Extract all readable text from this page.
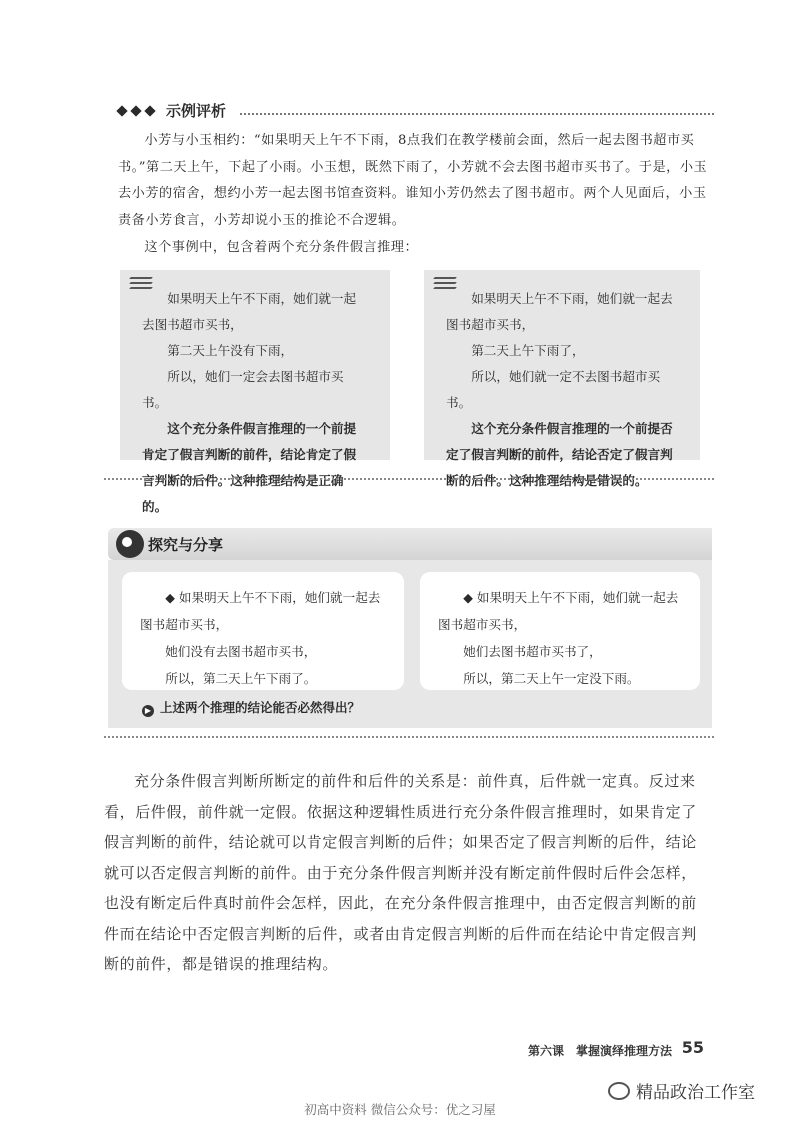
示例评析
小芳与小玉相约：“如果明天上午不下雨，8点我们在教学楼前会面，然后一起去图书超市买书。”第二天上午，下起了小雨。小玉想，既然下雨了，小芳就不会去图书超市买书了。于是，小玉去小芳的宿舍，想约小芳一起去图书馆查资料。谁知小芳仍然去了图书超市。两个人见面后，小玉责备小芳食言，小芳却说小玉的推论不合逻辑。
这个事例中，包含着两个充分条件假言推理：

如果明天上午不下雨，她们就一起去图书超市买书，

第二天上午没有下雨，

所以，她们一定会去图书超市买书。

这个充分条件假言推理的一个前提肯定了假言判断的前件，结论肯定了假言判断的后件。这种推理结构是正确的。

如果明天上午不下雨，她们就一起去图书超市买书，

第二天上午下雨了，

所以，她们就一定不去图书超市买书。

这个充分条件假言推理的一个前提否定了假言判断的前件，结论否定了假言判断的后件。这种推理结构是错误的。

探究与分享
◆ 如果明天上午不下雨，她们就一起去图书超市买书，
她们没有去图书超市买书，
所以，第二天上午下雨了。
◆ 如果明天上午不下雨，她们就一起去图书超市买书，
她们去图书超市买书了，
所以，第二天上午一定没下雨。
▶ 上述两个推理的结论能否必然得出？
充分条件假言判断所断定的前件和后件的关系是：前件真，后件就一定真。反过来看，后件假，前件就一定假。依据这种逻辑性质进行充分条件假言推理时，如果肯定了假言判断的前件，结论就可以肯定假言判断的后件；如果否定了假言判断的后件，结论就可以否定假言判断的前件。由于充分条件假言判断并没有断定前件假时后件会怎样，也没有断定后件真时前件会怎样，因此，在充分条件假言推理中，由否定假言判断的前件而在结论中否定假言判断的后件，或者由肯定假言判断的后件而在结论中肯定假言判断的前件，都是错误的推理结构。
第六课　掌握演绎推理方法 55
精品政治工作室
初高中资料 微信公众号：优之习屋
